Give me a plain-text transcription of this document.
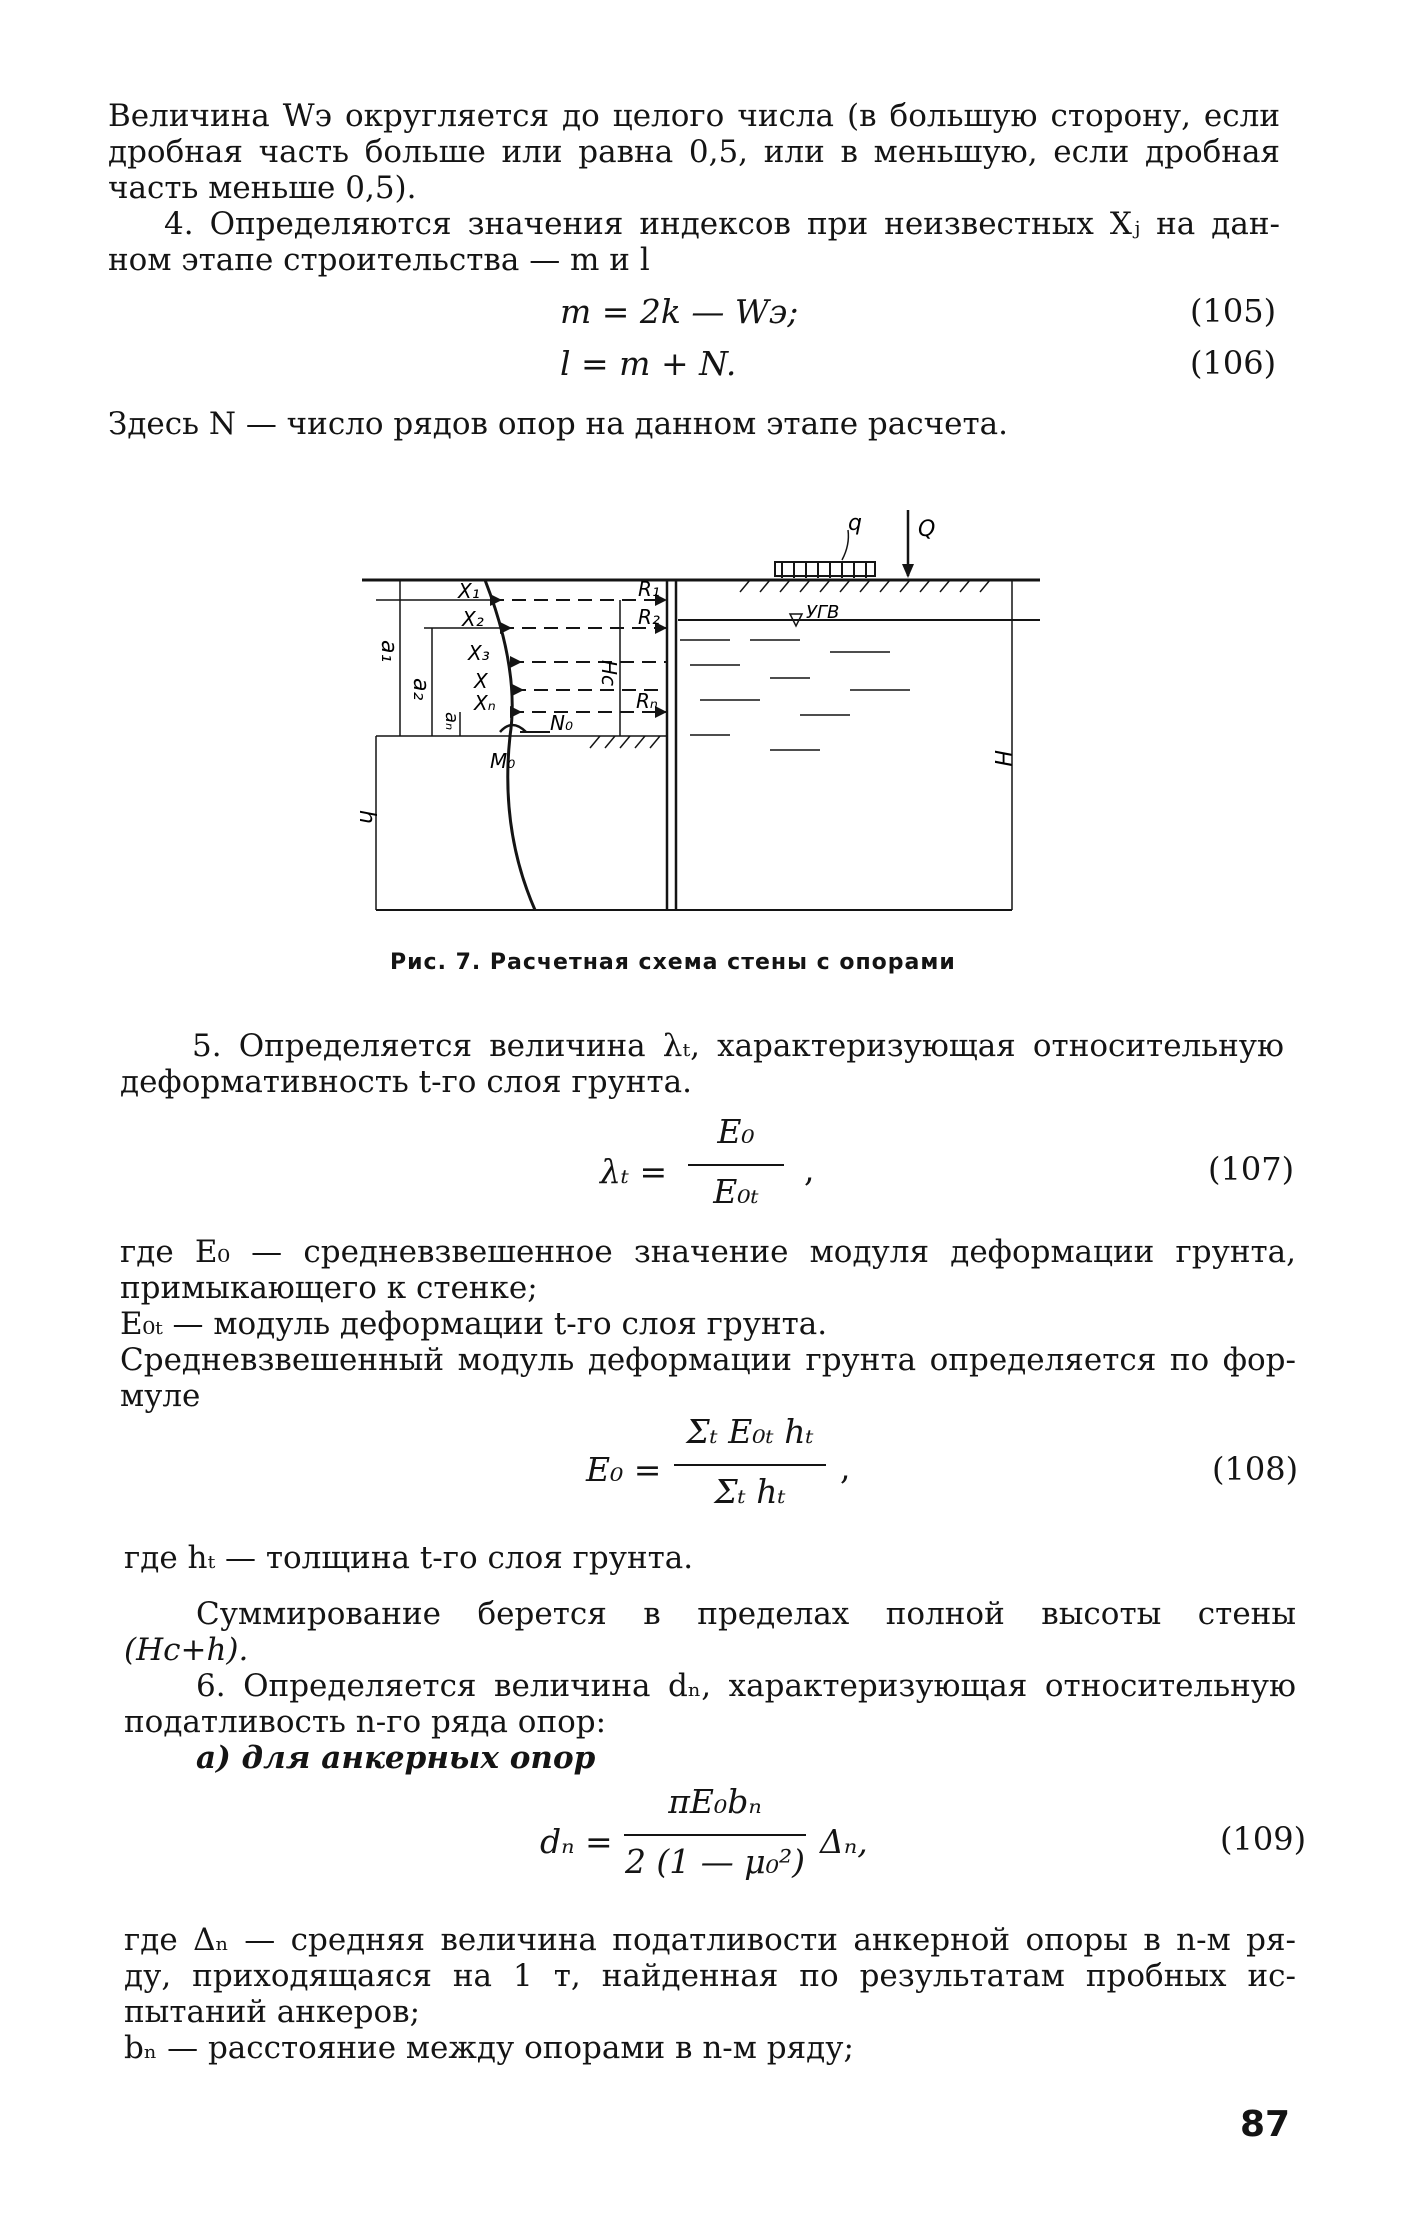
Величина Wэ округляется до целого числа (в большую сторону, если
дробная часть больше или равна 0,5, или в меньшую, если дробная
часть меньше 0,5).
4. Определяются значения индексов при неизвестных Xⱼ на дан-
ном этапе строительства — m и l
m = 2k — Wэ;	(105)
l = m + N.	(106)
Здесь N — число рядов опор на данном этапе расчета.
q	Q
УГВ
X₁
X₂
X₃
X
Xₙ
R₁
R₂
Rₙ
Hc
N₀
M₀
a₁
a₂
aₙ
h
H
Рис. 7. Расчетная схема стены с опорами
5. Определяется величина λₜ, характеризующая относительную
деформативность t-го слоя грунта.
λₜ =
E₀
E₀ₜ
,	(107)
где E₀ — средневзвешенное значение модуля деформации грунта,
примыкающего к стенке;
E₀ₜ — модуль деформации t-го слоя грунта.
Средневзвешенный модуль деформации грунта определяется по фор-
муле
E₀ =
Σₜ E₀ₜ hₜ
Σₜ hₜ
,	(108)
где hₜ — толщина t-го слоя грунта.
Суммирование берется в пределах полной высоты стены
(Hc+h).
6. Определяется величина dₙ, характеризующая относительную
податливость n-го ряда опор:
а) для анкерных опор
dₙ =
πE₀bₙ
2 (1 — μ₀²)
Δₙ,	(109)
где Δₙ — средняя величина податливости анкерной опоры в n-м ря-
ду, приходящаяся на 1 т, найденная по результатам пробных ис-
пытаний анкеров;
bₙ — расстояние между опорами в n-м ряду;
87
